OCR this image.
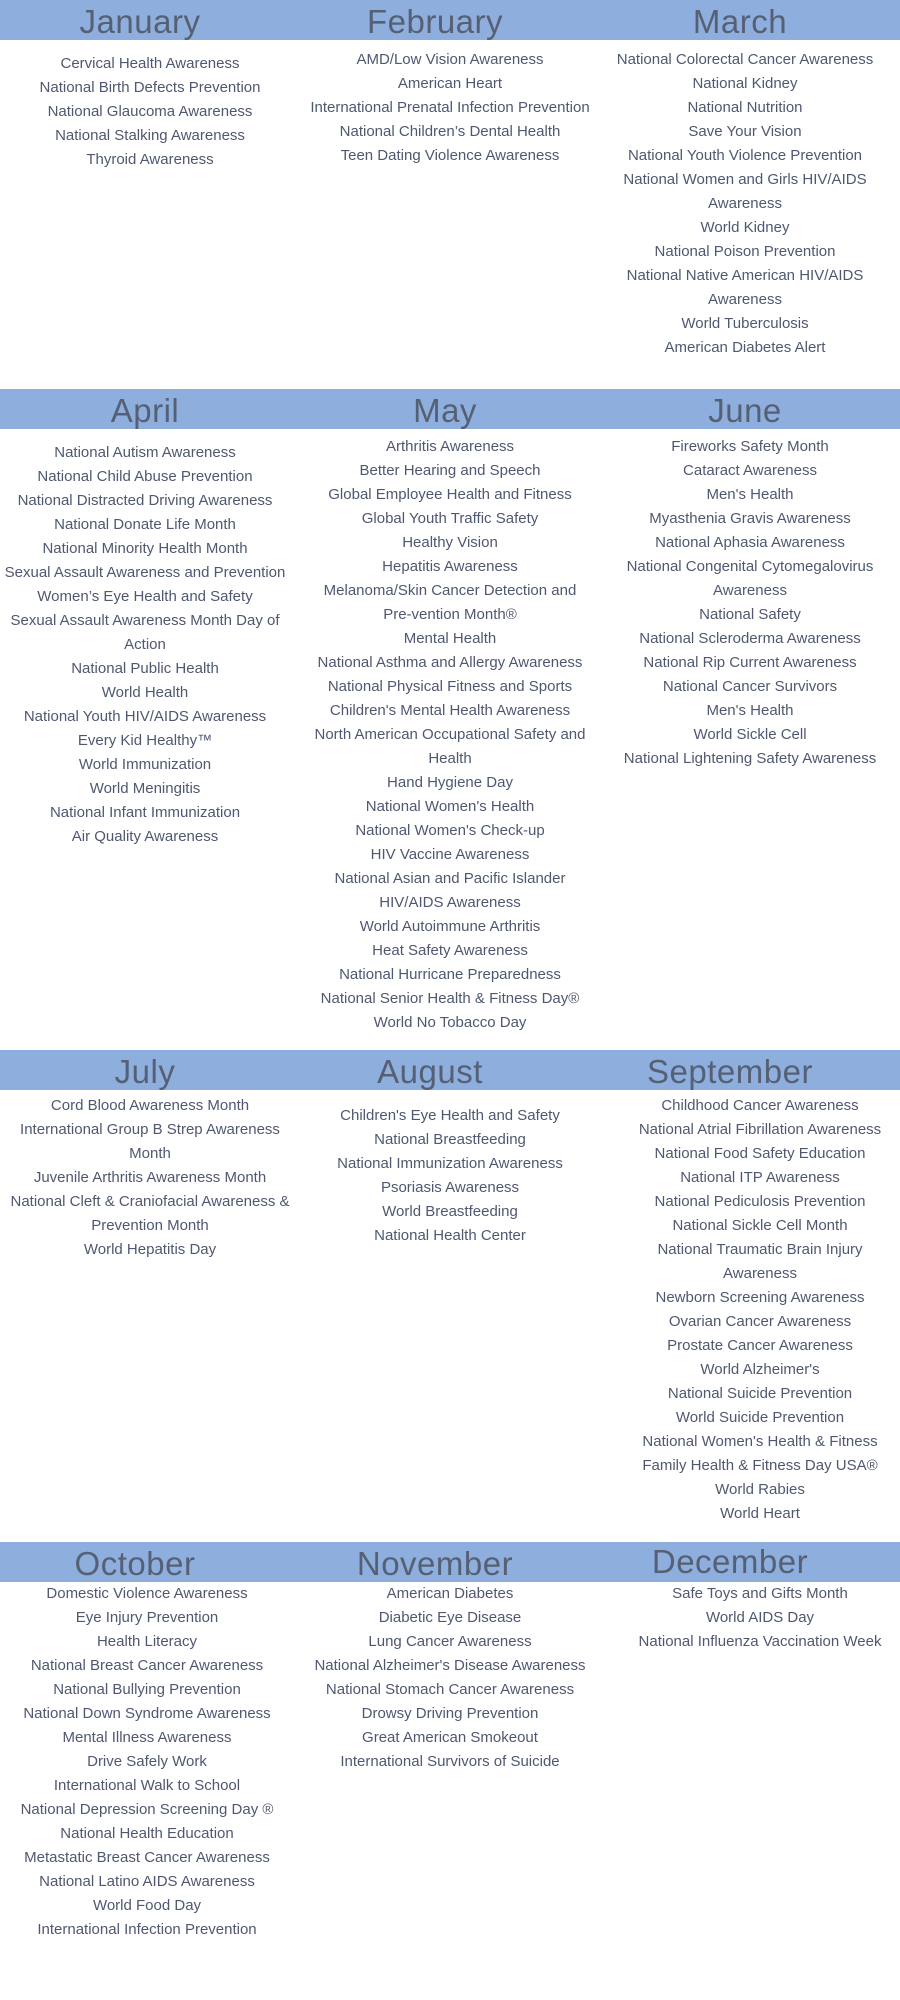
January
Cervical Health Awareness
National Birth Defects Prevention
National Glaucoma Awareness
National Stalking Awareness
Thyroid Awareness
February
AMD/Low Vision Awareness
American Heart
International Prenatal Infection Prevention
National Children’s Dental Health
Teen Dating Violence Awareness
March
National Colorectal Cancer Awareness
National Kidney
National Nutrition
Save Your Vision
National Youth Violence Prevention
National Women and Girls HIV/AIDS Awareness
World Kidney
National Poison Prevention
National Native American HIV/AIDS Awareness
World Tuberculosis
American Diabetes Alert
April
National Autism Awareness
National Child Abuse Prevention
National Distracted Driving Awareness
National Donate Life Month
National Minority Health Month
Sexual Assault Awareness and Prevention
Women’s Eye Health and Safety
Sexual Assault Awareness Month Day of Action
National Public Health
World Health
National Youth HIV/AIDS Awareness
Every Kid Healthy™
World Immunization
World Meningitis
National Infant Immunization
Air Quality Awareness
May
Arthritis Awareness
Better Hearing and Speech
Global Employee Health and Fitness
Global Youth Traffic Safety
Healthy Vision
Hepatitis Awareness
Melanoma/Skin Cancer Detection and Pre-vention Month®
Mental Health
National Asthma and Allergy Awareness
National Physical Fitness and Sports
Children's Mental Health Awareness
North American Occupational Safety and Health
Hand Hygiene Day
National Women's Health
National Women's Check-up
HIV Vaccine Awareness
National Asian and Pacific Islander HIV/AIDS Awareness
World Autoimmune Arthritis
Heat Safety Awareness
National Hurricane Preparedness
National Senior Health & Fitness Day®
World No Tobacco Day
June
Fireworks Safety Month
Cataract Awareness
Men's Health
Myasthenia Gravis Awareness
National Aphasia Awareness
National Congenital Cytomegalovirus Awareness
National Safety
National Scleroderma Awareness
National Rip Current Awareness
National Cancer Survivors
Men's Health
World Sickle Cell
National Lightening Safety Awareness
July
Cord Blood Awareness Month
International Group B Strep Awareness Month
Juvenile Arthritis Awareness Month
National Cleft & Craniofacial Awareness & Prevention Month
World Hepatitis Day
August
Children's Eye Health and Safety
National Breastfeeding
National Immunization Awareness
Psoriasis Awareness
World Breastfeeding
National Health Center
September
Childhood Cancer Awareness
National Atrial Fibrillation Awareness
National Food Safety Education
National ITP Awareness
National Pediculosis Prevention
National Sickle Cell Month
National Traumatic Brain Injury Awareness
Newborn Screening Awareness
Ovarian Cancer Awareness
Prostate Cancer Awareness
World Alzheimer's
National Suicide Prevention
World Suicide Prevention
National Women's Health & Fitness
Family Health & Fitness Day USA®
World Rabies
World Heart
October
Domestic Violence Awareness
Eye Injury Prevention
Health Literacy
National Breast Cancer Awareness
National Bullying Prevention
National Down Syndrome Awareness
Mental Illness Awareness
Drive Safely Work
International Walk to School
National Depression Screening Day ®
National Health Education
Metastatic Breast Cancer Awareness
National Latino AIDS Awareness
World Food Day
International Infection Prevention
November
American Diabetes
Diabetic Eye Disease
Lung Cancer Awareness
National Alzheimer's Disease Awareness
National Stomach Cancer Awareness
Drowsy Driving Prevention
Great American Smokeout
International Survivors of Suicide
December
Safe Toys and Gifts Month
World AIDS Day
National Influenza Vaccination Week
